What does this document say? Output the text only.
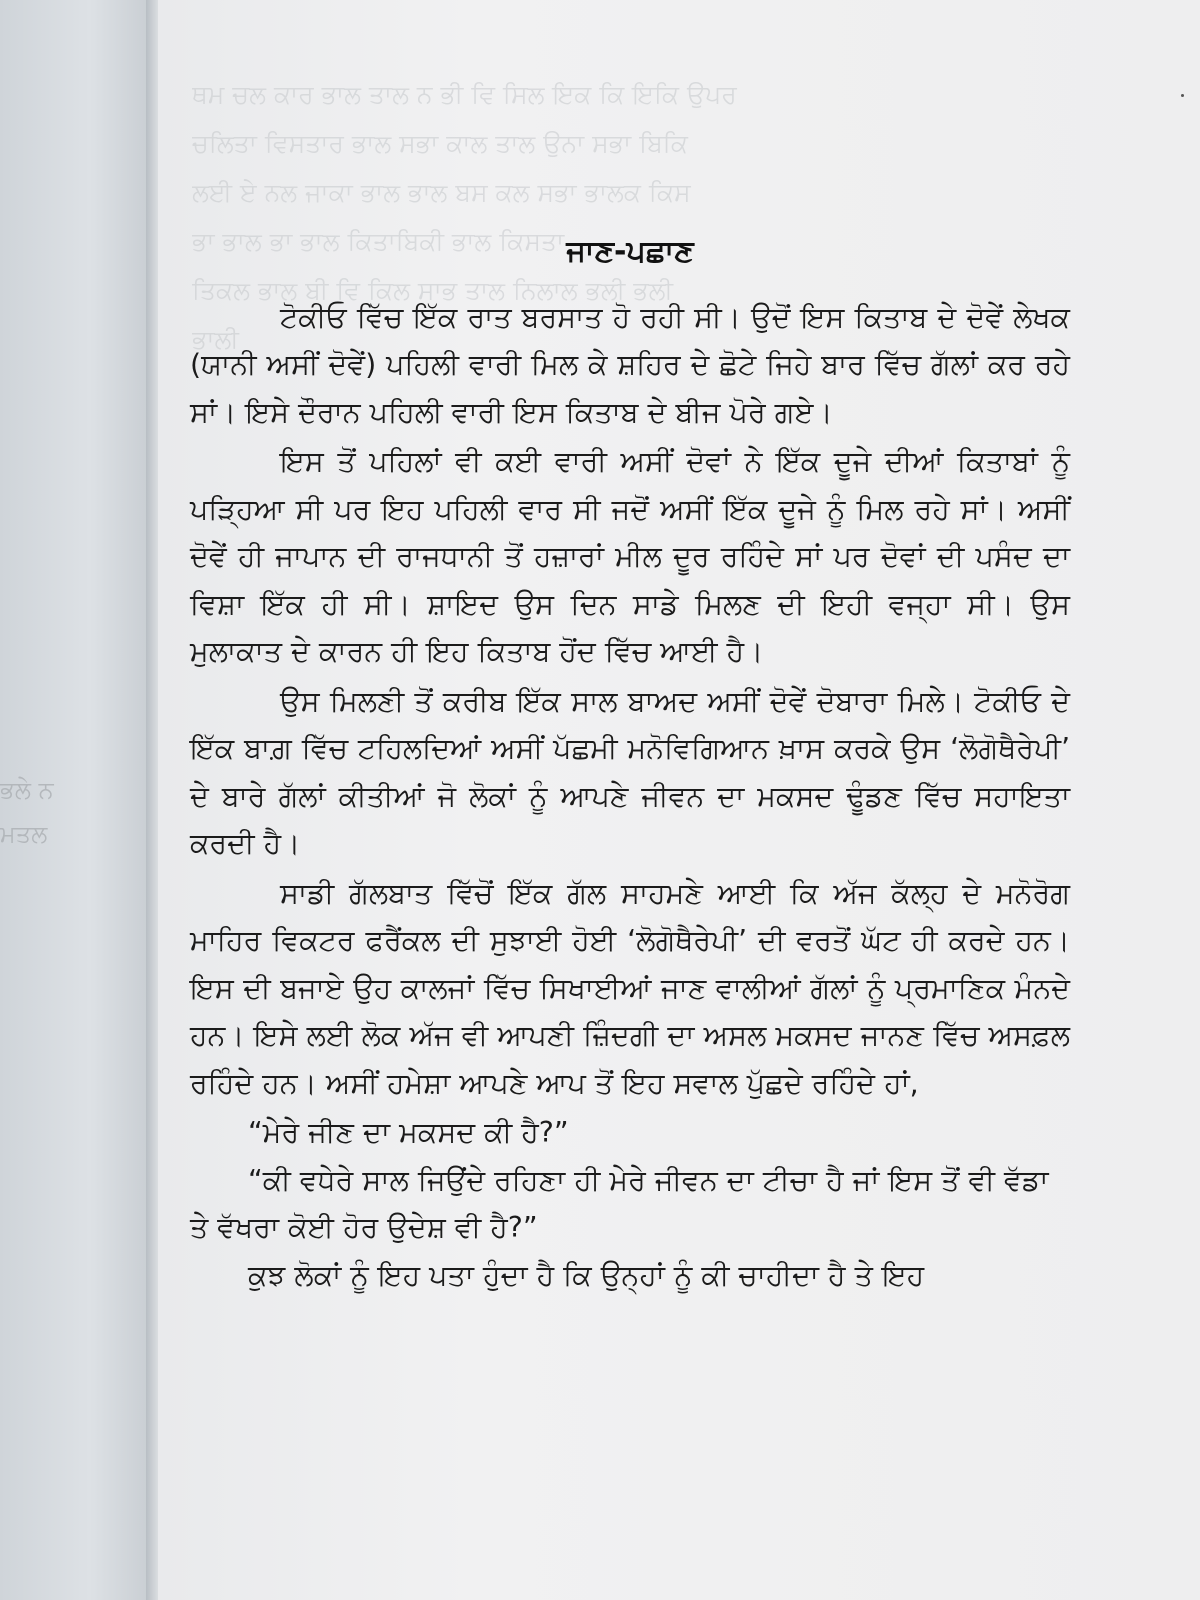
ਭਲੇ ਨ
ਮਤਲ
ਥਮ ਚਲ ਕਾਰ ਭਾਲ ਤਾਲ ਨ ਭੀ ਵਿ ਸਿਲ ਇਕ ਕਿ ਇਕਿ ਉਪਰ
ਚਲਿਤਾ ਵਿਸਤਾਰ ਭਾਲ ਸਭਾ ਕਾਲ ਤਾਲ ਉਨਾ ਸਭਾ ਬਿਕਿ
ਲਈ ਏ ਨਲ ਜਾਕਾ ਭਾਲ ਭਾਲ ਬਸ ਕਲ ਸਭਾ ਭਾਲਕ ਕਿਸ
ਭਾ ਭਾਲ ਭਾ ਭਾਲ ਕਿਤਾਬਿਕੀ ਭਾਲ ਕਿਸਤਾ
ਤਿਕਲ ਭਾਲ ਬੀ ਵਿ ਕਿਲ ਸਾਭ ਤਾਲ ਨਿਲਾਲ ਭਲੀ ਭਲੀ
ਭਾਲੀ
ਜਾਣ-ਪਛਾਣ

ਟੋਕੀਓ ਵਿੱਚ ਇੱਕ ਰਾਤ ਬਰਸਾਤ ਹੋ ਰਹੀ ਸੀ। ਉਦੋਂ ਇਸ ਕਿਤਾਬ ਦੇ ਦੋਵੇਂ ਲੇਖਕ (ਯਾਨੀ ਅਸੀਂ ਦੋਵੇਂ) ਪਹਿਲੀ ਵਾਰੀ ਮਿਲ ਕੇ ਸ਼ਹਿਰ ਦੇ ਛੋਟੇ ਜਿਹੇ ਬਾਰ ਵਿੱਚ ਗੱਲਾਂ ਕਰ ਰਹੇ ਸਾਂ। ਇਸੇ ਦੌਰਾਨ ਪਹਿਲੀ ਵਾਰੀ ਇਸ ਕਿਤਾਬ ਦੇ ਬੀਜ ਪੋਰੇ ਗਏ।

ਇਸ ਤੋਂ ਪਹਿਲਾਂ ਵੀ ਕਈ ਵਾਰੀ ਅਸੀਂ ਦੋਵਾਂ ਨੇ ਇੱਕ ਦੂਜੇ ਦੀਆਂ ਕਿਤਾਬਾਂ ਨੂੰ ਪੜ੍ਹਿਆ ਸੀ ਪਰ ਇਹ ਪਹਿਲੀ ਵਾਰ ਸੀ ਜਦੋਂ ਅਸੀਂ ਇੱਕ ਦੂਜੇ ਨੂੰ ਮਿਲ ਰਹੇ ਸਾਂ। ਅਸੀਂ ਦੋਵੇਂ ਹੀ ਜਾਪਾਨ ਦੀ ਰਾਜਧਾਨੀ ਤੋਂ ਹਜ਼ਾਰਾਂ ਮੀਲ ਦੂਰ ਰਹਿੰਦੇ ਸਾਂ ਪਰ ਦੋਵਾਂ ਦੀ ਪਸੰਦ ਦਾ ਵਿਸ਼ਾ ਇੱਕ ਹੀ ਸੀ। ਸ਼ਾਇਦ ਉਸ ਦਿਨ ਸਾਡੇ ਮਿਲਣ ਦੀ ਇਹੀ ਵਜ੍ਹਾ ਸੀ। ਉਸ ਮੁਲਾਕਾਤ ਦੇ ਕਾਰਨ ਹੀ ਇਹ ਕਿਤਾਬ ਹੋਂਦ ਵਿੱਚ ਆਈ ਹੈ।

ਉਸ ਮਿਲਣੀ ਤੋਂ ਕਰੀਬ ਇੱਕ ਸਾਲ ਬਾਅਦ ਅਸੀਂ ਦੋਵੇਂ ਦੋਬਾਰਾ ਮਿਲੇ। ਟੋਕੀਓ ਦੇ ਇੱਕ ਬਾਗ਼ ਵਿੱਚ ਟਹਿਲਦਿਆਂ ਅਸੀਂ ਪੱਛਮੀ ਮਨੋਵਿਗਿਆਨ ਖ਼ਾਸ ਕਰਕੇ ਉਸ ‘ਲੋਗੋਥੈਰੇਪੀ’ ਦੇ ਬਾਰੇ ਗੱਲਾਂ ਕੀਤੀਆਂ ਜੋ ਲੋਕਾਂ ਨੂੰ ਆਪਣੇ ਜੀਵਨ ਦਾ ਮਕਸਦ ਢੂੰਡਣ ਵਿੱਚ ਸਹਾਇਤਾ ਕਰਦੀ ਹੈ।

ਸਾਡੀ ਗੱਲਬਾਤ ਵਿੱਚੋਂ ਇੱਕ ਗੱਲ ਸਾਹਮਣੇ ਆਈ ਕਿ ਅੱਜ ਕੱਲ੍ਹ ਦੇ ਮਨੋਰੋਗ ਮਾਹਿਰ ਵਿਕਟਰ ਫਰੈਂਕਲ ਦੀ ਸੁਝਾਈ ਹੋਈ ‘ਲੋਗੋਥੈਰੇਪੀ’ ਦੀ ਵਰਤੋਂ ਘੱਟ ਹੀ ਕਰਦੇ ਹਨ। ਇਸ ਦੀ ਬਜਾਏ ਉਹ ਕਾਲਜਾਂ ਵਿੱਚ ਸਿਖਾਈਆਂ ਜਾਣ ਵਾਲੀਆਂ ਗੱਲਾਂ ਨੂੰ ਪ੍ਰਮਾਣਿਕ ਮੰਨਦੇ ਹਨ। ਇਸੇ ਲਈ ਲੋਕ ਅੱਜ ਵੀ ਆਪਣੀ ਜ਼ਿੰਦਗੀ ਦਾ ਅਸਲ ਮਕਸਦ ਜਾਨਣ ਵਿੱਚ ਅਸਫ਼ਲ ਰਹਿੰਦੇ ਹਨ। ਅਸੀਂ ਹਮੇਸ਼ਾ ਆਪਣੇ ਆਪ ਤੋਂ ਇਹ ਸਵਾਲ ਪੁੱਛਦੇ ਰਹਿੰਦੇ ਹਾਂ,

“ਮੇਰੇ ਜੀਣ ਦਾ ਮਕਸਦ ਕੀ ਹੈ?”

“ਕੀ ਵਧੇਰੇ ਸਾਲ ਜਿਉਂਦੇ ਰਹਿਣਾ ਹੀ ਮੇਰੇ ਜੀਵਨ ਦਾ ਟੀਚਾ ਹੈ ਜਾਂ ਇਸ ਤੋਂ ਵੀ ਵੱਡਾ ਤੇ ਵੱਖਰਾ ਕੋਈ ਹੋਰ ਉਦੇਸ਼ ਵੀ ਹੈ?”

ਕੁਝ ਲੋਕਾਂ ਨੂੰ ਇਹ ਪਤਾ ਹੁੰਦਾ ਹੈ ਕਿ ਉਨ੍ਹਾਂ ਨੂੰ ਕੀ ਚਾਹੀਦਾ ਹੈ ਤੇ ਇਹ
